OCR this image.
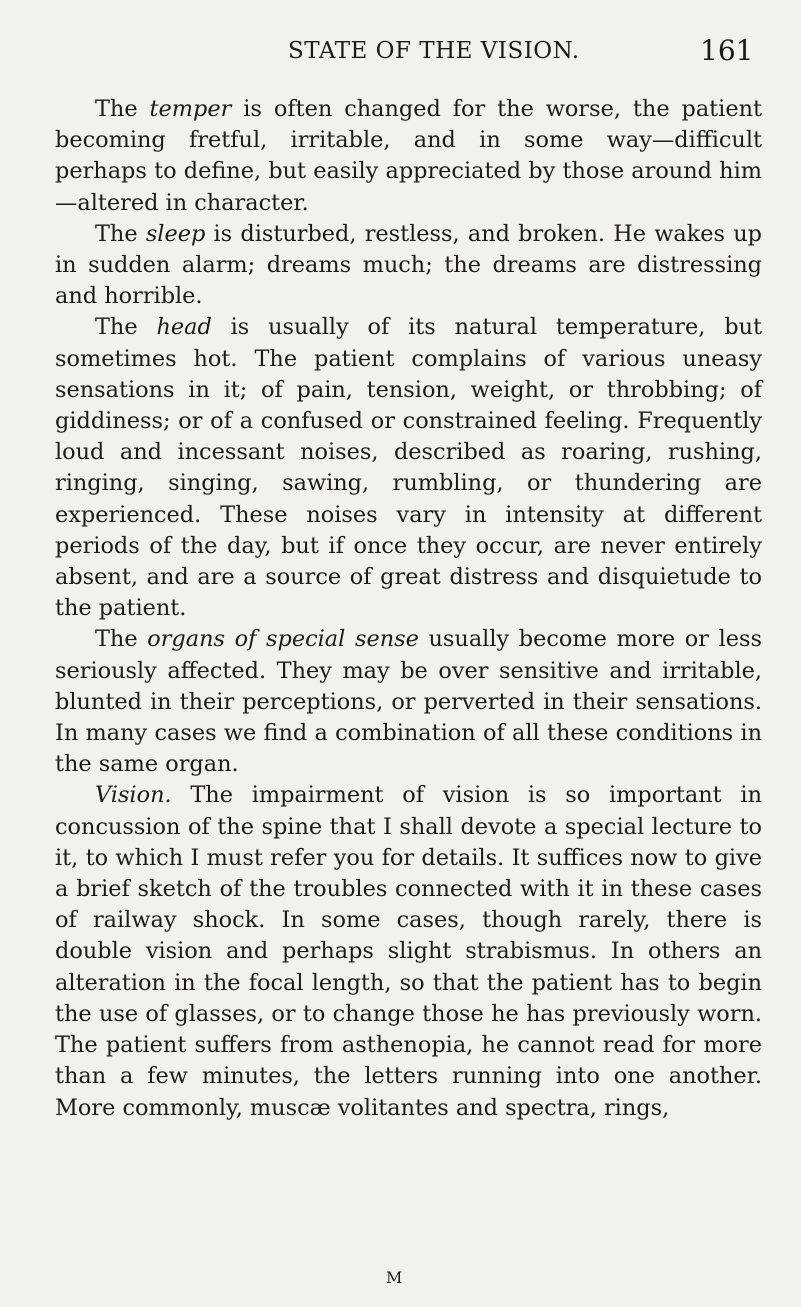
STATE OF THE VISION.	161

The temper is often changed for the worse, the patient becoming fretful, irritable, and in some way—difficult perhaps to define, but easily appreciated by those around him—altered in character.

The sleep is disturbed, restless, and broken. He wakes up in sudden alarm; dreams much; the dreams are distressing and horrible.

The head is usually of its natural temperature, but sometimes hot. The patient complains of various uneasy sensations in it; of pain, tension, weight, or throbbing; of giddiness; or of a confused or constrained feeling. Frequently loud and incessant noises, described as roaring, rushing, ringing, singing, sawing, rumbling, or thundering are experienced. These noises vary in intensity at different periods of the day, but if once they occur, are never entirely absent, and are a source of great distress and disquietude to the patient.

The organs of special sense usually become more or less seriously affected. They may be over sensitive and irritable, blunted in their perceptions, or perverted in their sensations. In many cases we find a combination of all these conditions in the same organ.

Vision. The impairment of vision is so important in concussion of the spine that I shall devote a special lecture to it, to which I must refer you for details. It suffices now to give a brief sketch of the troubles connected with it in these cases of railway shock. In some cases, though rarely, there is double vision and perhaps slight strabismus. In others an alteration in the focal length, so that the patient has to begin the use of glasses, or to change those he has previously worn. The patient suffers from asthenopia, he cannot read for more than a few minutes, the letters running into one another. More commonly, muscæ volitantes and spectra, rings,

M
